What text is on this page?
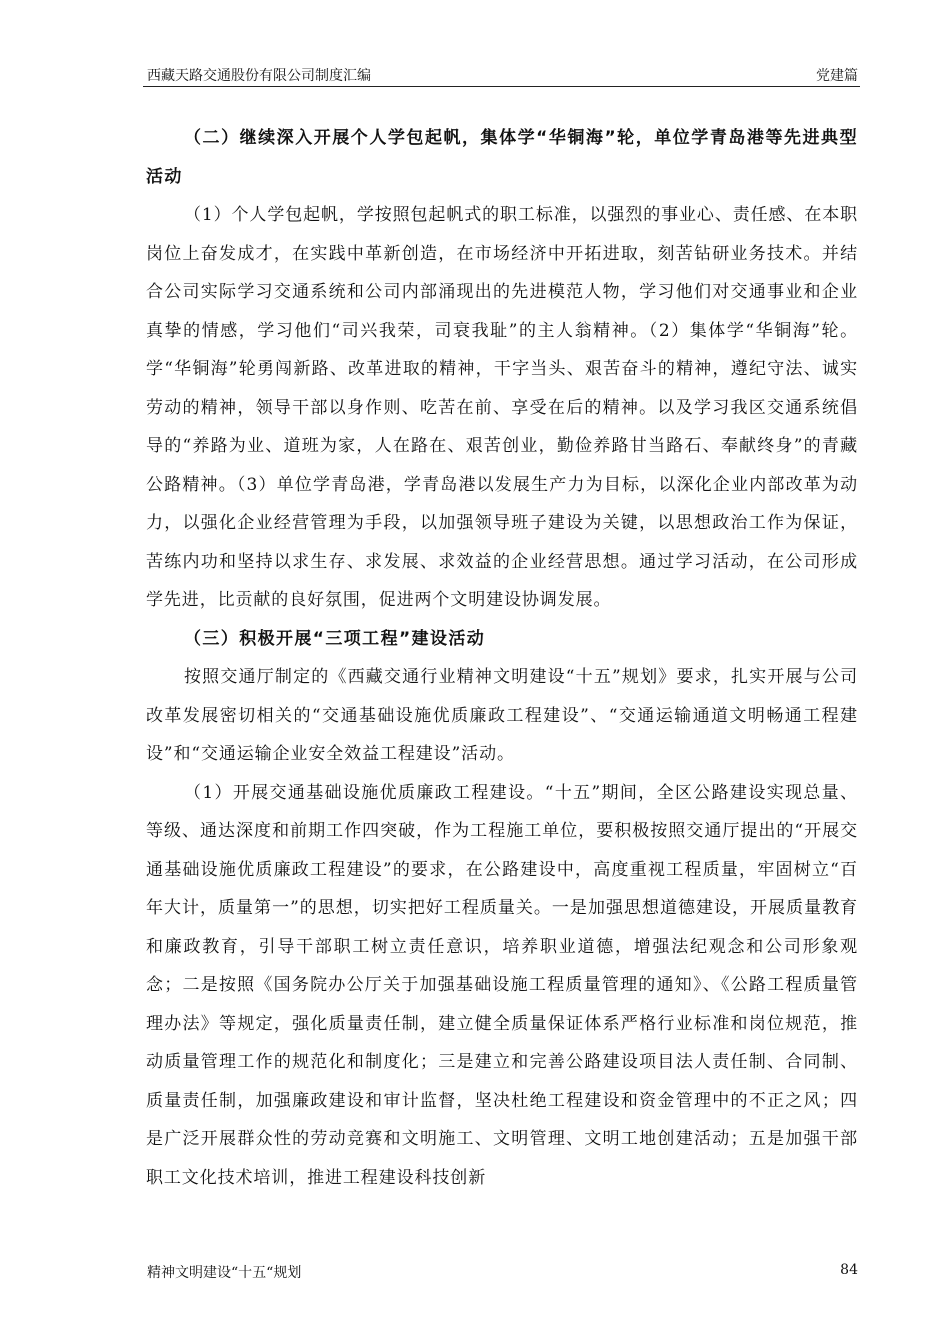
西藏天路交通股份有限公司制度汇编	党建篇

（二）继续深入开展个人学包起帆，集体学“华铜海”轮，单位学青岛港等先进典型活动

（1）个人学包起帆，学按照包起帆式的职工标准，以强烈的事业心、责任感、在本职岗位上奋发成才，在实践中革新创造，在市场经济中开拓进取，刻苦钻研业务技术。并结合公司实际学习交通系统和公司内部涌现出的先进模范人物，学习他们对交通事业和企业真挚的情感，学习他们“司兴我荣，司衰我耻”的主人翁精神。（2）集体学“华铜海”轮。学“华铜海”轮勇闯新路、改革进取的精神，干字当头、艰苦奋斗的精神，遵纪守法、诚实劳动的精神，领导干部以身作则、吃苦在前、享受在后的精神。以及学习我区交通系统倡导的“养路为业、道班为家，人在路在、艰苦创业，勤俭养路甘当路石、奉献终身”的青藏公路精神。（3）单位学青岛港，学青岛港以发展生产力为目标，以深化企业内部改革为动力，以强化企业经营管理为手段，以加强领导班子建设为关键，以思想政治工作为保证，苦练内功和坚持以求生存、求发展、求效益的企业经营思想。通过学习活动，在公司形成学先进，比贡献的良好氛围，促进两个文明建设协调发展。

（三）积极开展“三项工程”建设活动

按照交通厅制定的《西藏交通行业精神文明建设“十五”规划》要求，扎实开展与公司改革发展密切相关的“交通基础设施优质廉政工程建设”、“交通运输通道文明畅通工程建设”和“交通运输企业安全效益工程建设”活动。

（1）开展交通基础设施优质廉政工程建设。“十五”期间，全区公路建设实现总量、等级、通达深度和前期工作四突破，作为工程施工单位，要积极按照交通厅提出的“开展交通基础设施优质廉政工程建设”的要求，在公路建设中，高度重视工程质量，牢固树立“百年大计，质量第一”的思想，切实把好工程质量关。一是加强思想道德建设，开展质量教育和廉政教育，引导干部职工树立责任意识，培养职业道德，增强法纪观念和公司形象观念；二是按照《国务院办公厅关于加强基础设施工程质量管理的通知》、《公路工程质量管理办法》等规定，强化质量责任制，建立健全质量保证体系严格行业标准和岗位规范，推动质量管理工作的规范化和制度化；三是建立和完善公路建设项目法人责任制、合同制、质量责任制，加强廉政建设和审计监督，坚决杜绝工程建设和资金管理中的不正之风；四是广泛开展群众性的劳动竞赛和文明施工、文明管理、文明工地创建活动；五是加强干部职工文化技术培训，推进工程建设科技创新

精神文明建设“十五“规划	84
